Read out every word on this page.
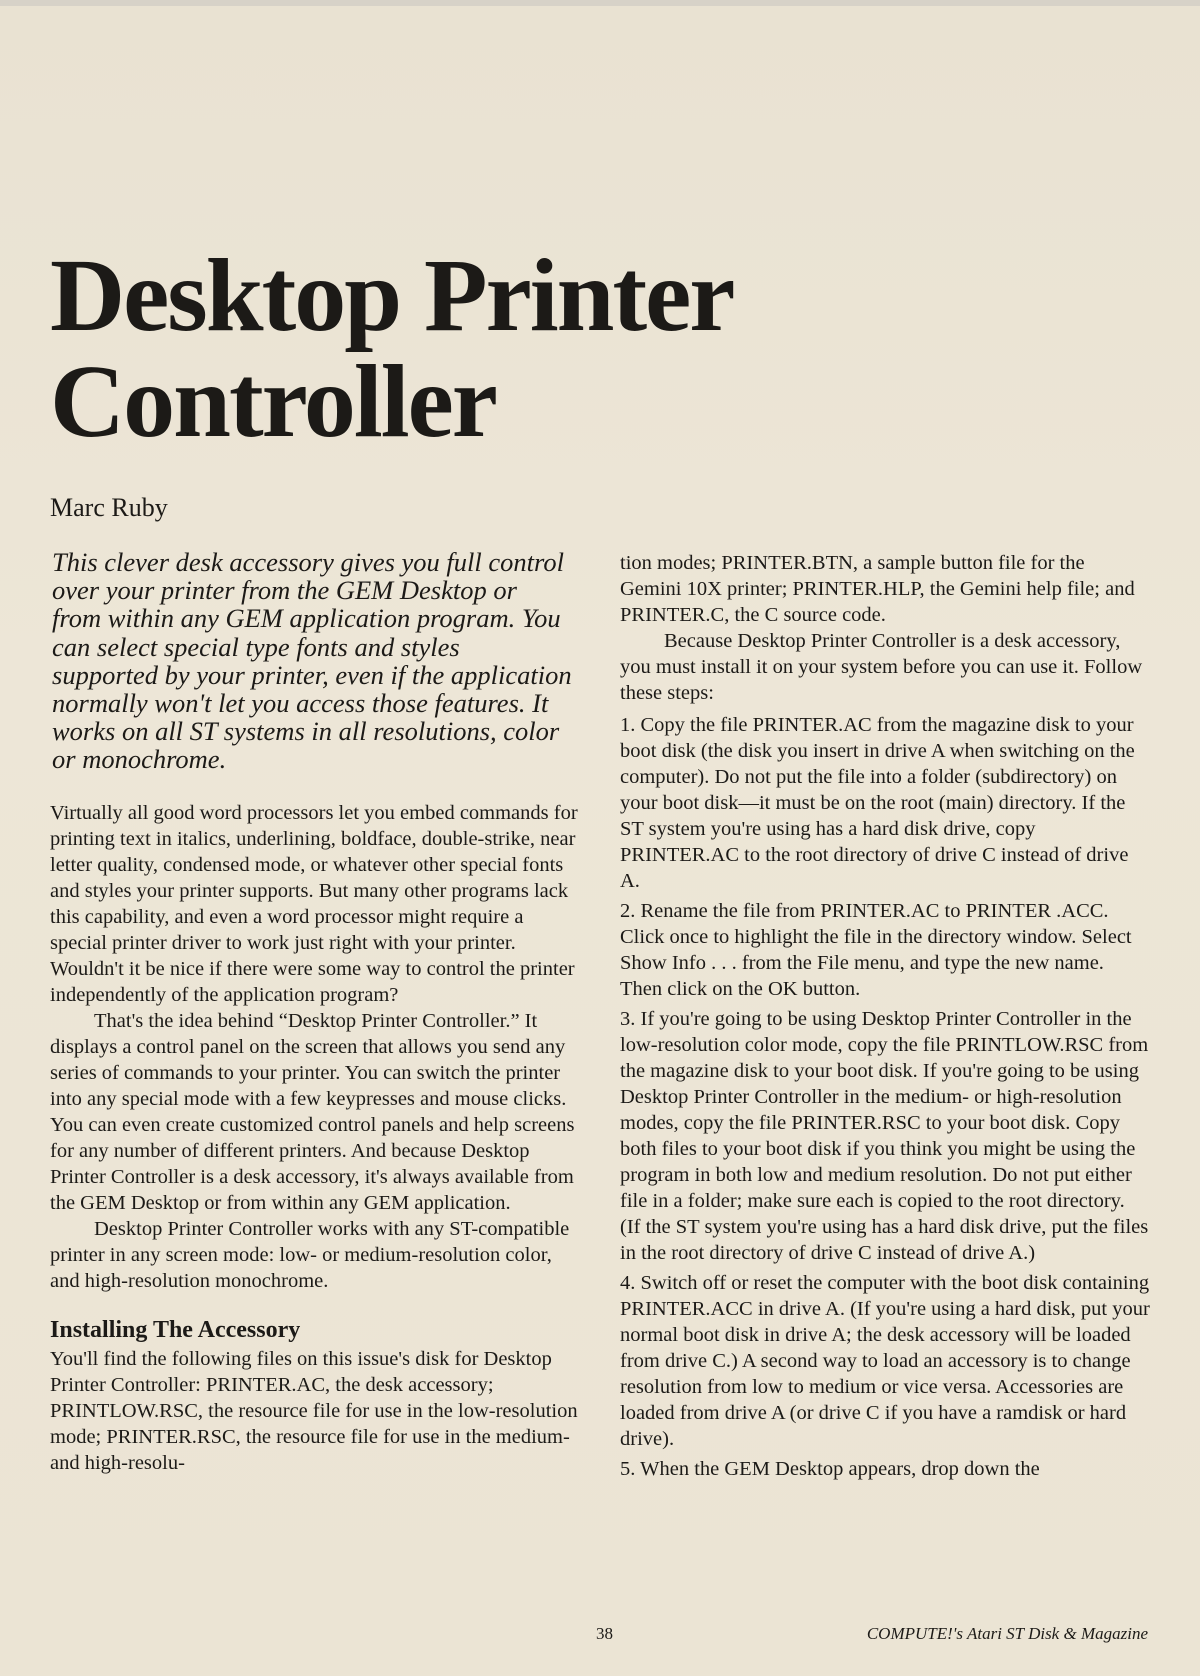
Desktop Printer
Controller

Marc Ruby

This clever desk accessory gives you full control over your printer from the GEM Desktop or from within any GEM application program. You can select special type fonts and styles supported by your printer, even if the application normally won't let you access those features. It works on all ST systems in all resolutions, color or monochrome.

Virtually all good word processors let you embed commands for printing text in italics, underlining, boldface, double-strike, near letter quality, condensed mode, or whatever other special fonts and styles your printer supports. But many other programs lack this capability, and even a word processor might require a special printer driver to work just right with your printer. Wouldn't it be nice if there were some way to control the printer independently of the application program?

That's the idea behind “Desktop Printer Controller.” It displays a control panel on the screen that allows you send any series of commands to your printer. You can switch the printer into any special mode with a few keypresses and mouse clicks. You can even create customized control panels and help screens for any number of different printers. And because Desktop Printer Controller is a desk accessory, it's always available from the GEM Desktop or from within any GEM application.

Desktop Printer Controller works with any ST-compatible printer in any screen mode: low- or medium-resolution color, and high-resolution monochrome.

Installing The Accessory

You'll find the following files on this issue's disk for Desktop Printer Controller: PRINTER.AC, the desk accessory; PRINTLOW.RSC, the resource file for use in the low-resolution mode; PRINTER.RSC, the resource file for use in the medium- and high-resolu-

tion modes; PRINTER.BTN, a sample button file for the Gemini 10X printer; PRINTER.HLP, the Gemini help file; and PRINTER.C, the C source code.

Because Desktop Printer Controller is a desk accessory, you must install it on your system before you can use it. Follow these steps:

1. Copy the file PRINTER.AC from the magazine disk to your boot disk (the disk you insert in drive A when switching on the computer). Do not put the file into a folder (subdirectory) on your boot disk—it must be on the root (main) directory. If the ST system you're using has a hard disk drive, copy PRINTER.AC to the root directory of drive C instead of drive A.

2. Rename the file from PRINTER.AC to PRINTER .ACC. Click once to highlight the file in the directory window. Select Show Info . . . from the File menu, and type the new name. Then click on the OK button.

3. If you're going to be using Desktop Printer Controller in the low-resolution color mode, copy the file PRINTLOW.RSC from the magazine disk to your boot disk. If you're going to be using Desktop Printer Controller in the medium- or high-resolution modes, copy the file PRINTER.RSC to your boot disk. Copy both files to your boot disk if you think you might be using the program in both low and medium resolution. Do not put either file in a folder; make sure each is copied to the root directory. (If the ST system you're using has a hard disk drive, put the files in the root directory of drive C instead of drive A.)

4. Switch off or reset the computer with the boot disk containing PRINTER.ACC in drive A. (If you're using a hard disk, put your normal boot disk in drive A; the desk accessory will be loaded from drive C.) A second way to load an accessory is to change resolution from low to medium or vice versa. Accessories are loaded from drive A (or drive C if you have a ramdisk or hard drive).

5. When the GEM Desktop appears, drop down the

38	COMPUTE!'s Atari ST Disk & Magazine
